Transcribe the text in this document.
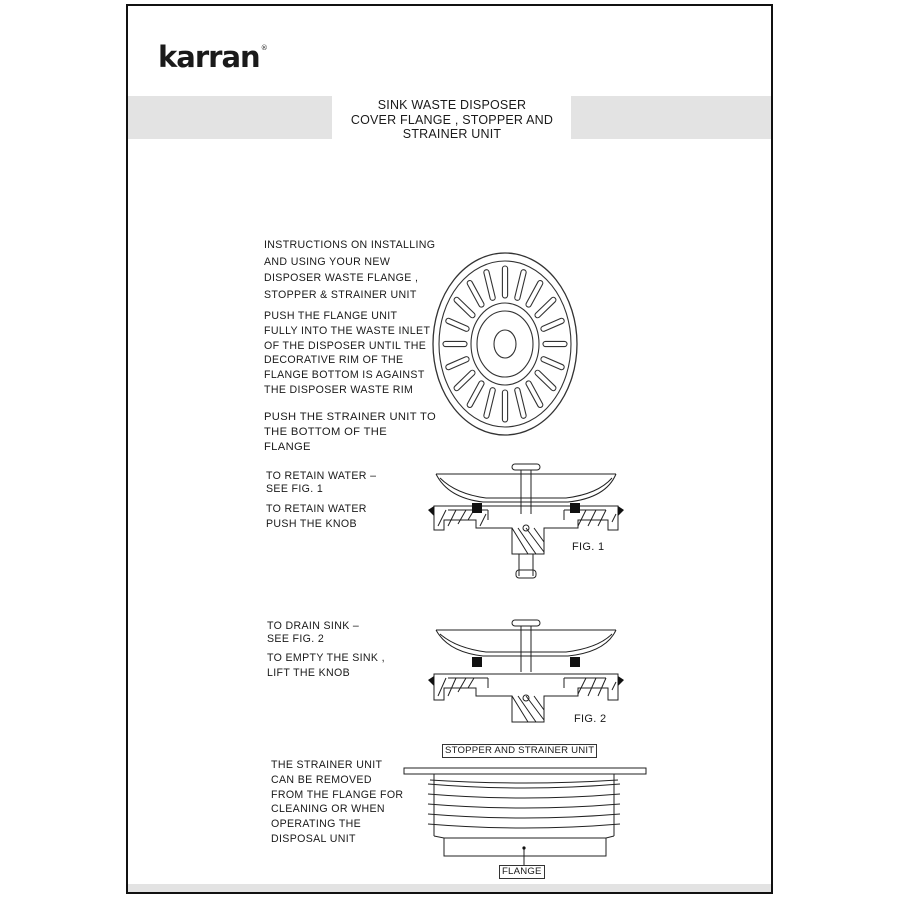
karran®
SINK WASTE DISPOSER
COVER FLANGE , STOPPER AND
STRAINER UNIT
INSTRUCTIONS ON INSTALLING
AND USING YOUR NEW
DISPOSER WASTE FLANGE ,
STOPPER & STRAINER UNIT
PUSH THE FLANGE UNIT
FULLY INTO THE WASTE INLET
OF THE DISPOSER UNTIL THE
DECORATIVE RIM OF THE
FLANGE BOTTOM IS AGAINST
THE DISPOSER WASTE RIM
PUSH THE STRAINER UNIT TO
THE BOTTOM OF THE
FLANGE
TO RETAIN WATER –
SEE FIG. 1
TO RETAIN WATER
PUSH THE KNOB
TO DRAIN SINK –
SEE FIG. 2
TO EMPTY THE SINK ,
LIFT THE KNOB
THE STRAINER UNIT
CAN BE REMOVED
FROM THE FLANGE FOR
CLEANING OR WHEN
OPERATING THE
DISPOSAL UNIT
FIG. 1
FIG. 2
STOPPER AND STRAINER UNIT
FLANGE
